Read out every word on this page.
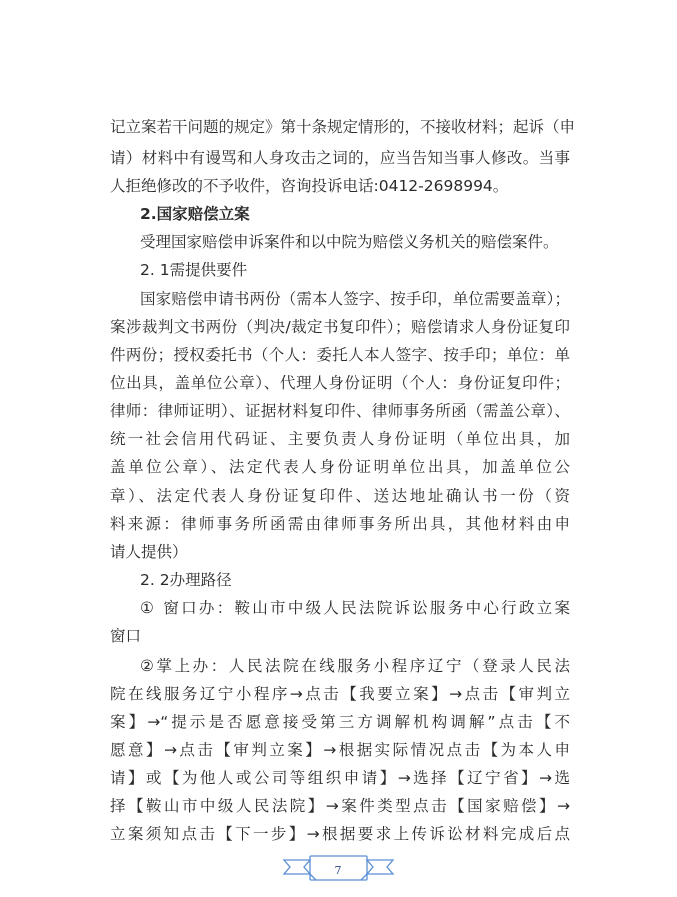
记立案若干问题的规定》第十条规定情形的，不接收材料；起诉（申
请）材料中有谩骂和人身攻击之词的，应当告知当事人修改。当事
人拒绝修改的不予收件，咨询投诉电话:0412-2698994。
2.国家赔偿立案
受理国家赔偿申诉案件和以中院为赔偿义务机关的赔偿案件。
2. 1需提供要件
国家赔偿申请书两份（需本人签字、按手印，单位需要盖章）；
案涉裁判文书两份（判决/裁定书复印件）；赔偿请求人身份证复印
件两份；授权委托书（个人：委托人本人签字、按手印；单位：单
位出具，盖单位公章）、代理人身份证明（个人：身份证复印件；
律师：律师证明）、证据材料复印件、律师事务所函（需盖公章）、
统一社会信用代码证、主要负责人身份证明（单位出具，加
盖单位公章）、法定代表人身份证明单位出具，加盖单位公
章）、法定代表人身份证复印件、送达地址确认书一份（资
料来源：律师事务所函需由律师事务所出具，其他材料由申
请人提供）
2. 2办理路径
① 窗口办：鞍山市中级人民法院诉讼服务中心行政立案
窗口
②掌上办：人民法院在线服务小程序辽宁（登录人民法
院在线服务辽宁小程序→点击【我要立案】→点击【审判立
案】→“提示是否愿意接受第三方调解机构调解”点击【不
愿意】→点击【审判立案】→根据实际情况点击【为本人申
请】或【为他人或公司等组织申请】→选择【辽宁省】→选
择【鞍山市中级人民法院】→案件类型点击【国家赔偿】→
立案须知点击【下一步】→根据要求上传诉讼材料完成后点
7
